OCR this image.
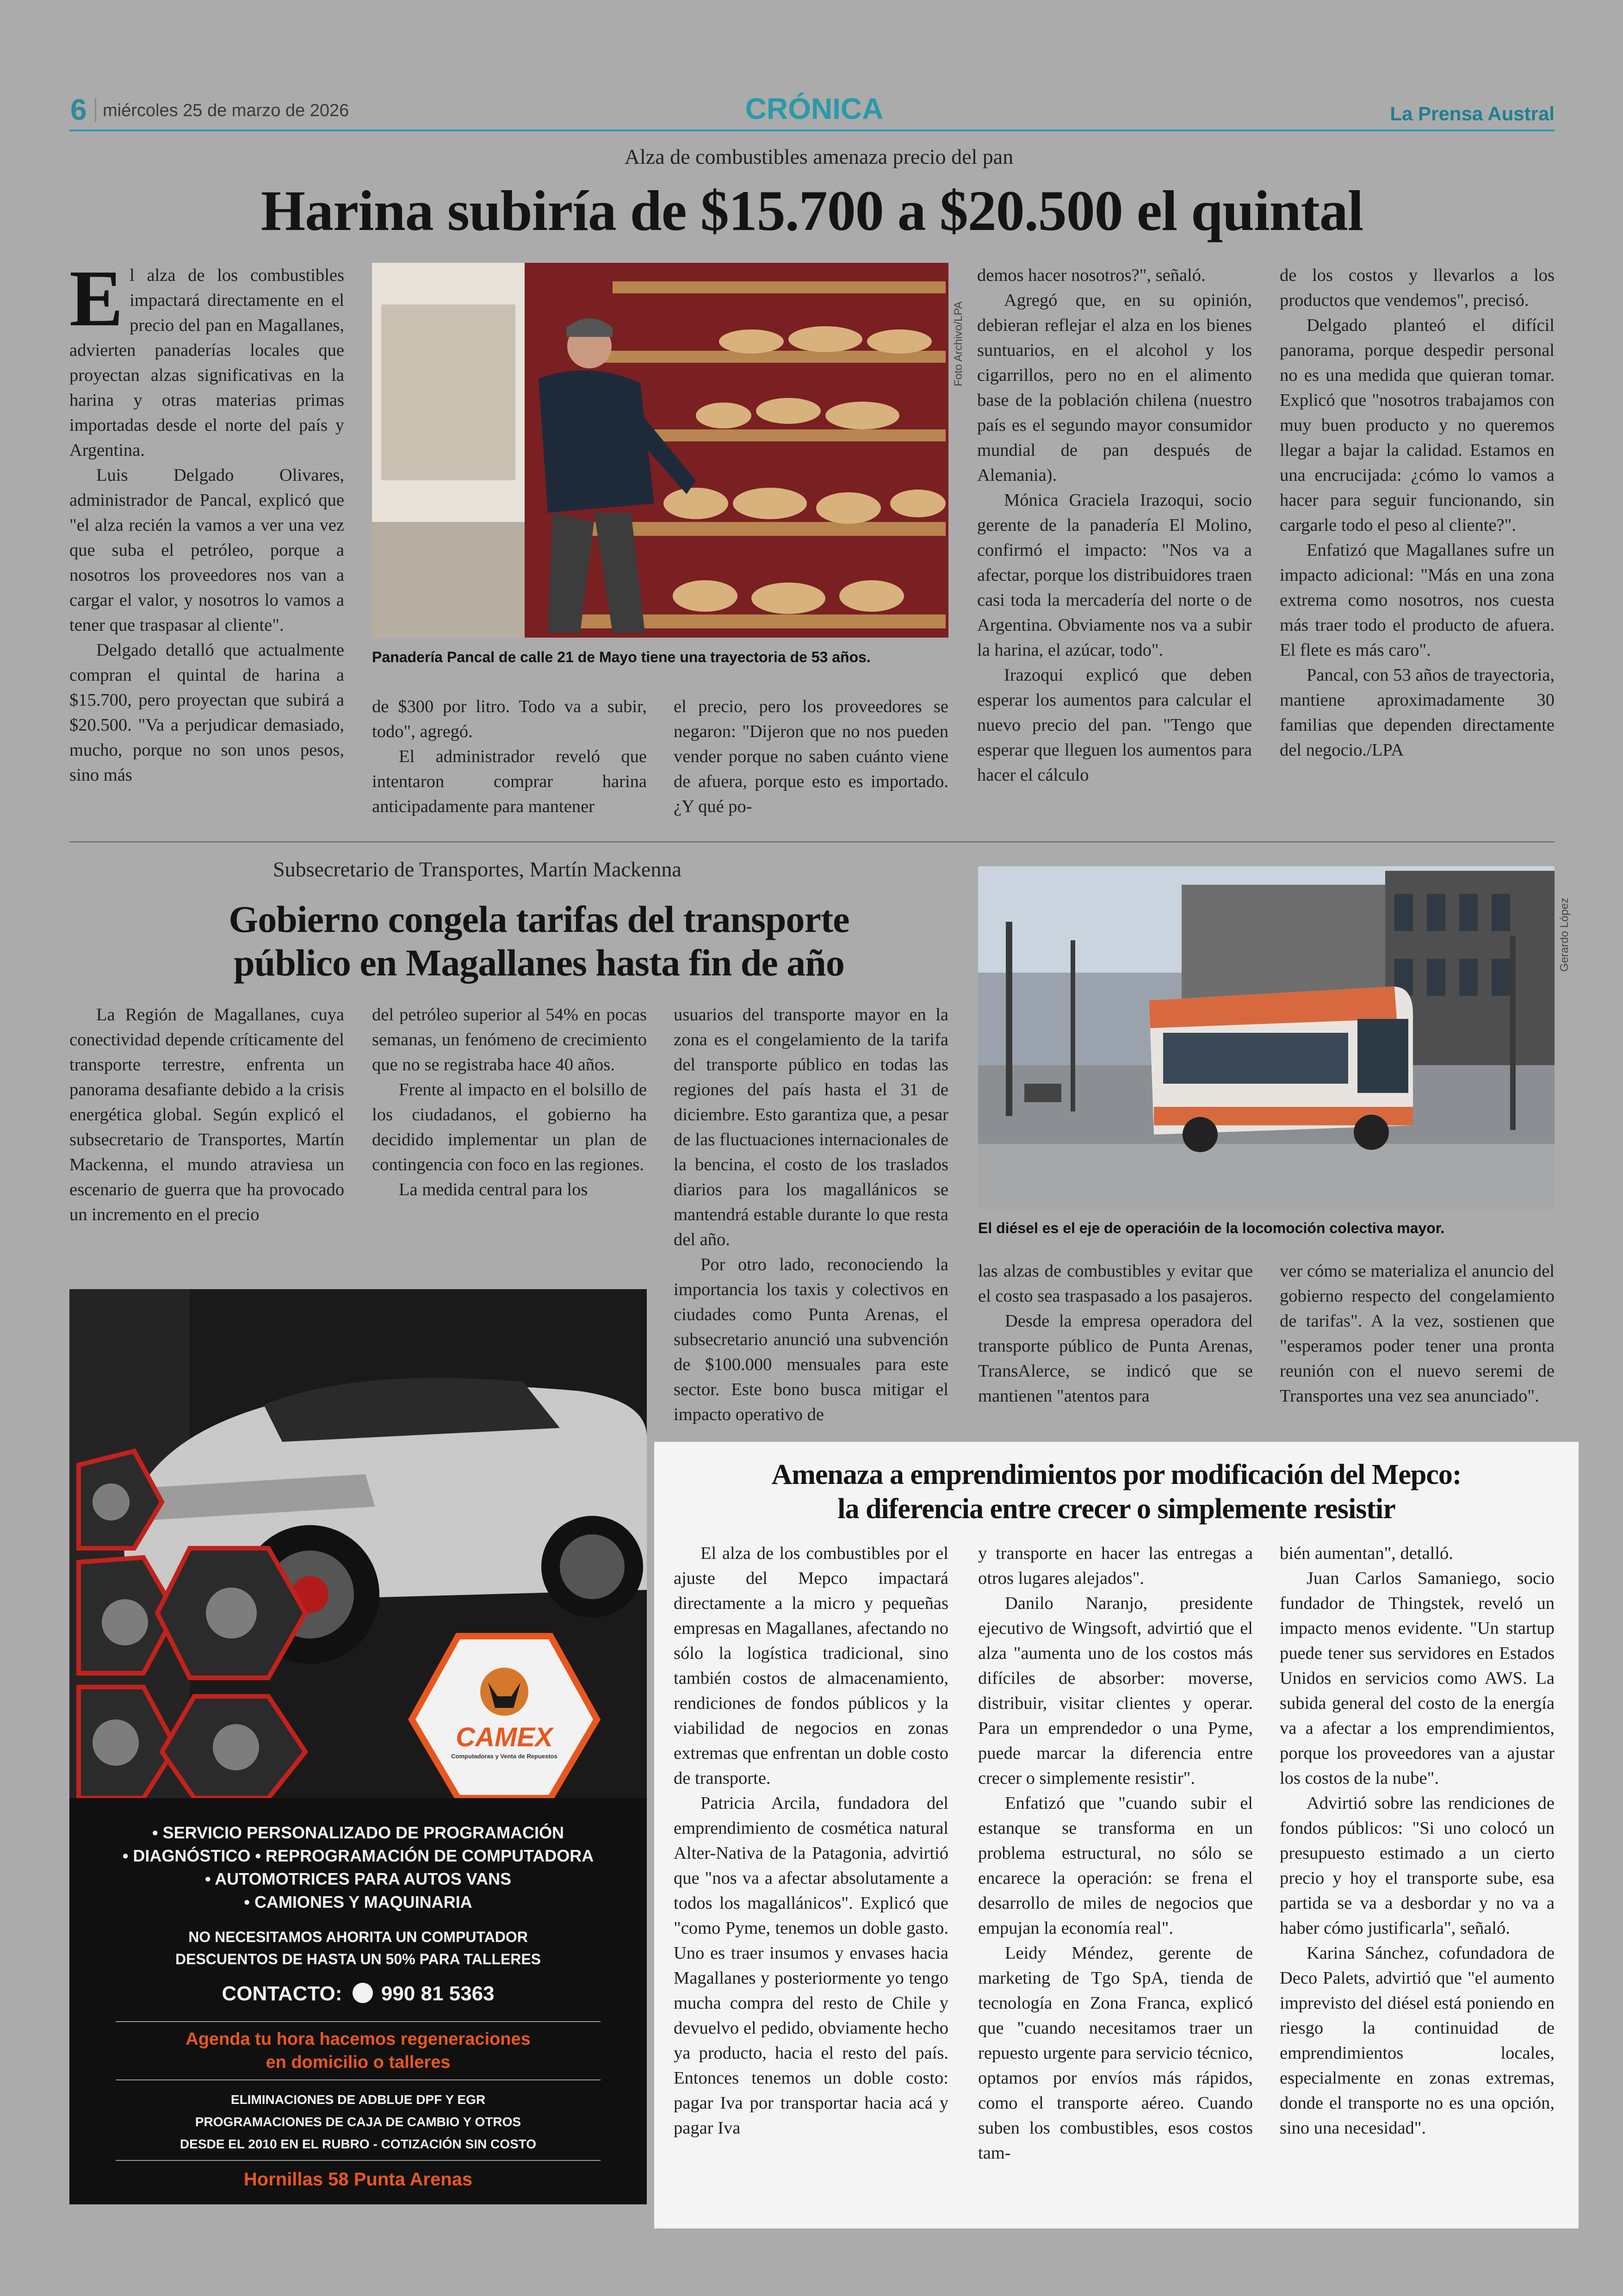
6 miércoles 25 de marzo de 2026	CRÓNICA	La Prensa Austral
Alza de combustibles amenaza precio del pan
Harina subiría de $15.700 a $20.500 el quintal
E l alza de los combustibles impactará directamente en el precio del pan en Magallanes, advierten panaderías locales que proyectan alzas significativas en la harina y otras materias primas importadas desde el norte del país y Argentina.

Luis Delgado Olivares, administrador de Pancal, explicó que "el alza recién la vamos a ver una vez que suba el petróleo, porque a nosotros los proveedores nos van a cargar el valor, y nosotros lo vamos a tener que traspasar al cliente".

Delgado detalló que actualmente compran el quintal de harina a $15.700, pero proyectan que subirá a $20.500. "Va a perjudicar demasiado, mucho, porque no son unos pesos, sino más

Foto Archivo/LPA
Panadería Pancal de calle 21 de Mayo tiene una trayectoria de 53 años.

de $300 por litro. Todo va a subir, todo", agregó.

El administrador reveló que intentaron comprar harina anticipadamente para mantener

el precio, pero los proveedores se negaron: "Dijeron que no nos pueden vender porque no saben cuánto viene de afuera, porque esto es importado. ¿Y qué po-

demos hacer nosotros?", señaló.

Agregó que, en su opinión, debieran reflejar el alza en los bienes suntuarios, en el alcohol y los cigarrillos, pero no en el alimento base de la población chilena (nuestro país es el segundo mayor consumidor mundial de pan después de Alemania).

Mónica Graciela Irazoqui, socio gerente de la panadería El Molino, confirmó el impacto: "Nos va a afectar, porque los distribuidores traen casi toda la mercadería del norte o de Argentina. Obviamente nos va a subir la harina, el azúcar, todo".

Irazoqui explicó que deben esperar los aumentos para calcular el nuevo precio del pan. "Tengo que esperar que lleguen los aumentos para hacer el cálculo

de los costos y llevarlos a los productos que vendemos", precisó.

Delgado planteó el difícil panorama, porque despedir personal no es una medida que quieran tomar. Explicó que "nosotros trabajamos con muy buen producto y no queremos llegar a bajar la calidad. Estamos en una encrucijada: ¿cómo lo vamos a hacer para seguir funcionando, sin cargarle todo el peso al cliente?".

Enfatizó que Magallanes sufre un impacto adicional: "Más en una zona extrema como nosotros, nos cuesta más traer todo el producto de afuera. El flete es más caro".

Pancal, con 53 años de trayectoria, mantiene aproximadamente 30 familias que dependen directamente del negocio./LPA

Subsecretario de Transportes, Martín Mackenna
Gobierno congela tarifas del transporte
público en Magallanes hasta fin de año	Gerardo López
El diésel es el eje de operacióin de la locomoción colectiva mayor.

La Región de Magallanes, cuya conectividad depende críticamente del transporte terrestre, enfrenta un panorama desafiante debido a la crisis energética global. Según explicó el subsecretario de Transportes, Martín Mackenna, el mundo atraviesa un escenario de guerra que ha provocado un incremento en el precio

del petróleo superior al 54% en pocas semanas, un fenómeno de crecimiento que no se registraba hace 40 años.

Frente al impacto en el bolsillo de los ciudadanos, el gobierno ha decidido implementar un plan de contingencia con foco en las regiones.

La medida central para los

usuarios del transporte mayor en la zona es el congelamiento de la tarifa del transporte público en todas las regiones del país hasta el 31 de diciembre. Esto garantiza que, a pesar de las fluctuaciones internacionales de la bencina, el costo de los traslados diarios para los magallánicos se mantendrá estable durante lo que resta del año.

Por otro lado, reconociendo la importancia los taxis y colectivos en ciudades como Punta Arenas, el subsecretario anunció una subvención de $100.000 mensuales para este sector. Este bono busca mitigar el impacto operativo de

las alzas de combustibles y evitar que el costo sea traspasado a los pasajeros.

Desde la empresa operadora del transporte público de Punta Arenas, TransAlerce, se indicó que se mantienen "atentos para

ver cómo se materializa el anuncio del gobierno respecto del congelamiento de tarifas". A la vez, sostienen que "esperamos poder tener una pronta reunión con el nuevo seremi de Transportes una vez sea anunciado".

CAMEX
Computadoras y Venta de Repuestos
• SERVICIO PERSONALIZADO DE PROGRAMACIÓN
• DIAGNÓSTICO • REPROGRAMACIÓN DE COMPUTADORA
• AUTOMOTRICES PARA AUTOS VANS
• CAMIONES Y MAQUINARIA
NO NECESITAMOS AHORITA UN COMPUTADOR
DESCUENTOS DE HASTA UN 50% PARA TALLERES
CONTACTO: 990 81 5363
Agenda tu hora hacemos regeneraciones
en domicilio o talleres
ELIMINACIONES DE ADBLUE DPF Y EGR
PROGRAMACIONES DE CAJA DE CAMBIO Y OTROS
DESDE EL 2010 EN EL RUBRO - COTIZACIÓN SIN COSTO
Hornillas 58 Punta Arenas
Amenaza a emprendimientos por modificación del Mepco:
la diferencia entre crecer o simplemente resistir

El alza de los combustibles por el ajuste del Mepco impactará directamente a la micro y pequeñas empresas en Magallanes, afectando no sólo la logística tradicional, sino también costos de almacenamiento, rendiciones de fondos públicos y la viabilidad de negocios en zonas extremas que enfrentan un doble costo de transporte.

Patricia Arcila, fundadora del emprendimiento de cosmética natural Alter-Nativa de la Patagonia, advirtió que "nos va a afectar absolutamente a todos los magallánicos". Explicó que "como Pyme, tenemos un doble gasto. Uno es traer insumos y envases hacia Magallanes y posteriormente yo tengo mucha compra del resto de Chile y devuelvo el pedido, obviamente hecho ya producto, hacia el resto del país. Entonces tenemos un doble costo: pagar Iva por transportar hacia acá y pagar Iva

y transporte en hacer las entregas a otros lugares alejados".

Danilo Naranjo, presidente ejecutivo de Wingsoft, advirtió que el alza "aumenta uno de los costos más difíciles de absorber: moverse, distribuir, visitar clientes y operar. Para un emprendedor o una Pyme, puede marcar la diferencia entre crecer o simplemente resistir".

Enfatizó que "cuando subir el estanque se transforma en un problema estructural, no sólo se encarece la operación: se frena el desarrollo de miles de negocios que empujan la economía real".

Leidy Méndez, gerente de marketing de Tgo SpA, tienda de tecnología en Zona Franca, explicó que "cuando necesitamos traer un repuesto urgente para servicio técnico, optamos por envíos más rápidos, como el transporte aéreo. Cuando suben los combustibles, esos costos tam-

bién aumentan", detalló.

Juan Carlos Samaniego, socio fundador de Thingstek, reveló un impacto menos evidente. "Un startup puede tener sus servidores en Estados Unidos en servicios como AWS. La subida general del costo de la energía va a afectar a los emprendimientos, porque los proveedores van a ajustar los costos de la nube".

Advirtió sobre las rendiciones de fondos públicos: "Si uno colocó un presupuesto estimado a un cierto precio y hoy el transporte sube, esa partida se va a desbordar y no va a haber cómo justificarla", señaló.

Karina Sánchez, cofundadora de Deco Palets, advirtió que "el aumento imprevisto del diésel está poniendo en riesgo la continuidad de emprendimientos locales, especialmente en zonas extremas, donde el transporte no es una opción, sino una necesidad".
